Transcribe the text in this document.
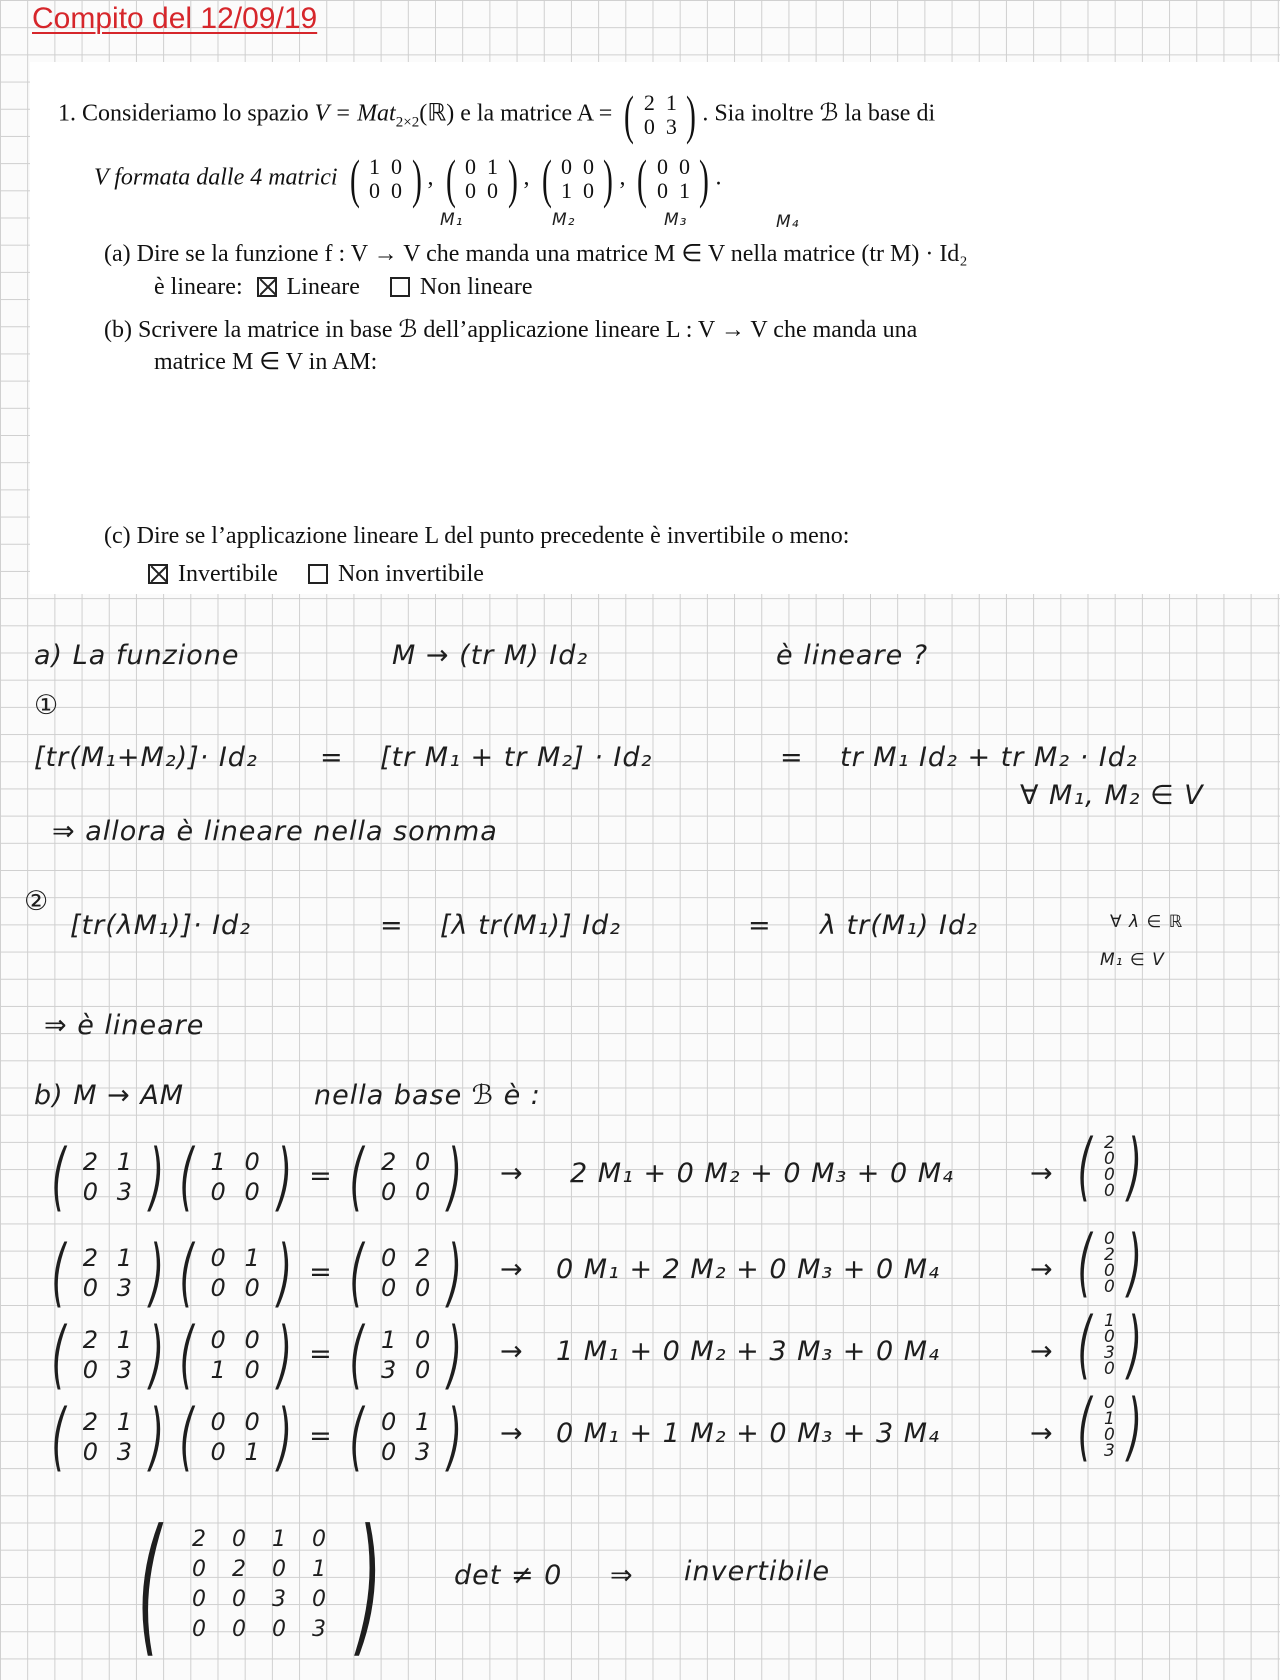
Compito del 12/09/19
1. Consideriamo lo spazio V = Mat$_{2\times 2}$(ℝ) e la matrice A = ( 2 1
0 3 ) . Sia inoltre ℬ la base di
V formata dalle 4 matrici ( 1 0
0 0 ) , ( 0 1
0 0 ) , ( 0 0
1 0 ) , ( 0 0
0 1 ) .
M₁	M₂	M₃	M₄
(a) Dire se la funzione f : V → V che manda una matrice M ∈ V nella matrice (tr M) · Id₂
è lineare: Lineare	Non lineare
(b) Scrivere la matrice in base ℬ dell’applicazione lineare L : V → V che manda una
matrice M ∈ V in AM:
(c) Dire se l’applicazione lineare L del punto precedente è invertibile o meno:
Invertibile	Non invertibile
a) La funzione	M → (tr M) Id₂	è lineare ?
①
[tr(M₁+M₂)]· Id₂ = [tr M₁ + tr M₂] · Id₂	= tr M₁ Id₂ + tr M₂ · Id₂
∀ M₁, M₂ ∈ V
⇒ allora è lineare nella somma
②
[tr(λM₁)]· Id₂	= [λ tr(M₁)] Id₂	= λ tr(M₁) Id₂	∀ λ ∈ ℝ
M₁ ∈ V
⇒ è lineare
b) M → AM	nella base ℬ è :
( 2 1
0 3 ) ( 1 0
0 0 ) = ( 2 0
0 0 ) → 2 M₁ + 0 M₂ + 0 M₃ + 0 M₄	→ ( 2
0
0
0 )
( 2 1
0 3 ) ( 0 1
0 0 ) = ( 0 2
0 0 ) → 0 M₁ + 2 M₂ + 0 M₃ + 0 M₄	→ ( 0
2
0
0 )
( 2 1
0 3 ) ( 0 0
1 0 ) = ( 1 0
3 0 ) → 1 M₁ + 0 M₂ + 3 M₃ + 0 M₄	→ ( 1
0
3
0 )
( 2 1
0 3 ) ( 0 0
0 1 ) = ( 0 1
0 3 ) → 0 M₁ + 1 M₂ + 0 M₃ + 3 M₄	→ ( 0
1
0
3 )
(	2	0	1	0
0	2	0	1
0	0	3	0
0	0	0	3 )	det ≠ 0 ⇒ invertibile
